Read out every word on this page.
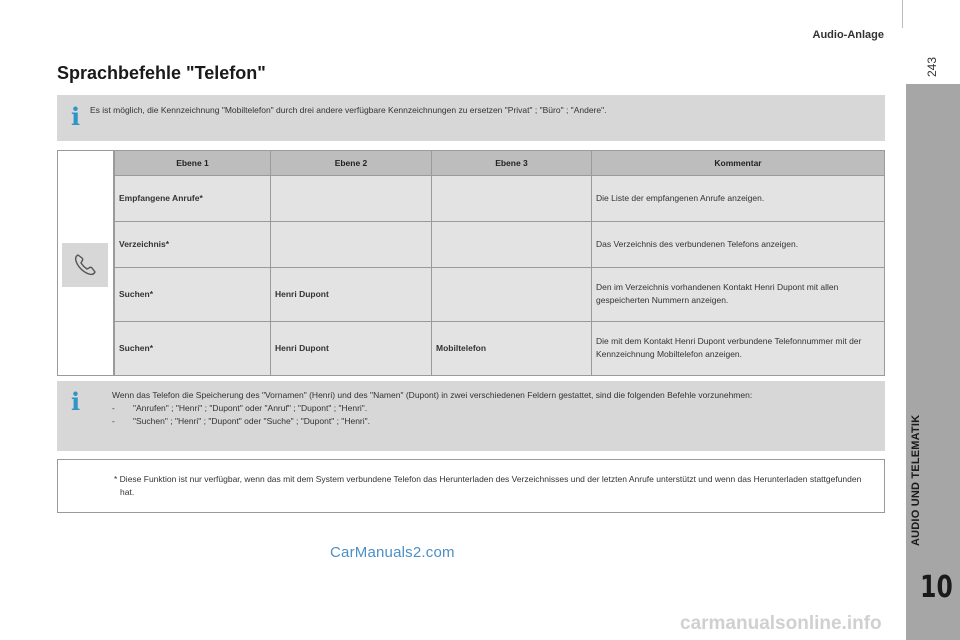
Audio-Anlage
243
AUDIO UND TELEMATIK
10
Sprachbefehle "Telefon"
i Es ist möglich, die Kennzeichnung "Mobiltelefon" durch drei andere verfügbare Kennzeichnungen zu ersetzen "Privat" ; "Büro" ; "Andere".
Ebene 1	Ebene 2	Ebene 3	Kommentar
Empfangene Anrufe*			Die Liste der empfangenen Anrufe anzeigen.
Verzeichnis*			Das Verzeichnis des verbundenen Telefons anzeigen.
Suchen*	Henri Dupont		Den im Verzeichnis vorhandenen Kontakt Henri Dupont mit allen gespeicherten Nummern anzeigen.
Suchen*	Henri Dupont	Mobiltelefon	Die mit dem Kontakt Henri Dupont verbundene Telefonnummer mit der Kennzeichnung Mobiltelefon anzeigen.
i	Wenn das Telefon die Speicherung des "Vornamen" (Henri) und des "Namen" (Dupont) in zwei verschiedenen Feldern gestattet, sind die folgenden Befehle vorzunehmen:
- "Anrufen" ; "Henri" ; "Dupont" oder "Anruf" ; "Dupont" ; "Henri".
- "Suchen" ; "Henri" ; "Dupont" oder "Suche" ; "Dupont" ; "Henri".
* Diese Funktion ist nur verfügbar, wenn das mit dem System verbundene Telefon das Herunterladen des Verzeichnisses und der letzten Anrufe unterstützt und wenn das Herunterladen stattgefunden hat.
CarManuals2.com
carmanualsonline.info
